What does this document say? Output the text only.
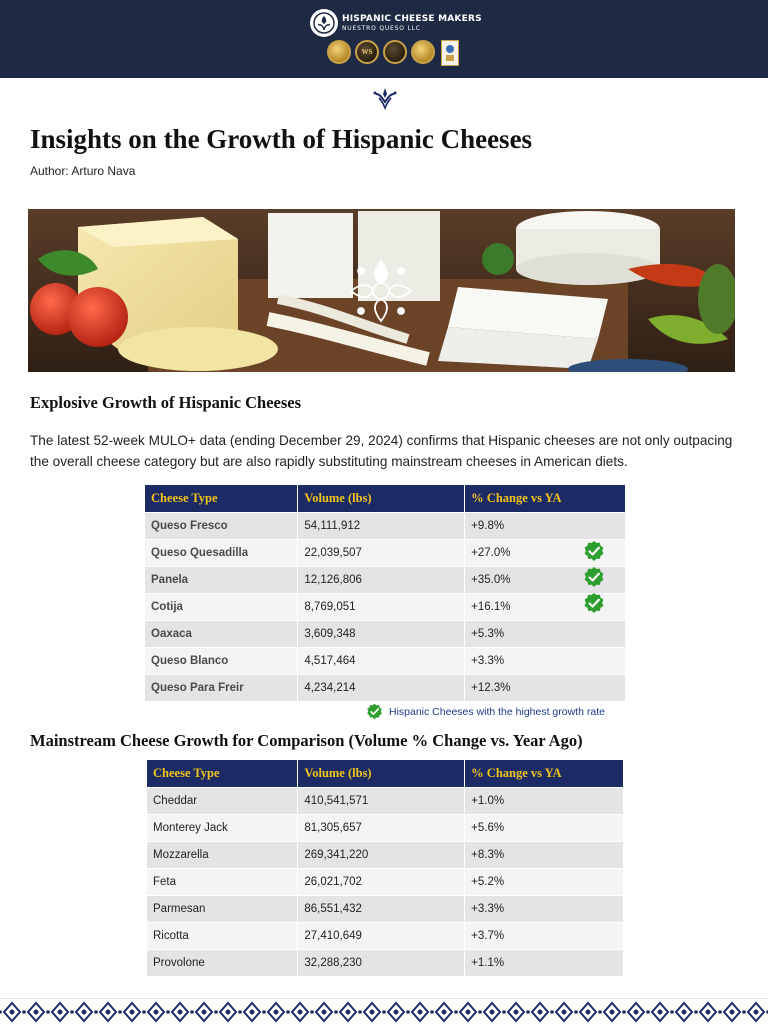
HISPANIC CHEESE MAKERS
NUESTRO QUESO LLC
WS
Insights on the Growth of Hispanic Cheeses
Author: Arturo Nava
Explosive Growth of Hispanic Cheeses

The latest 52-week MULO+ data (ending December 29, 2024) confirms that Hispanic cheeses are not only outpacing the overall cheese category but are also rapidly substituting mainstream cheeses in American diets.

Cheese Type	Volume (lbs)	% Change vs YA
Queso Fresco	54,111,912	+9.8%
Queso Quesadilla	22,039,507	+27.0%
Panela	12,126,806	+35.0%
Cotija	8,769,051	+16.1%
Oaxaca	3,609,348	+5.3%
Queso Blanco	4,517,464	+3.3%
Queso Para Freir	4,234,214	+12.3%
Hispanic Cheeses with the highest growth rate
Mainstream Cheese Growth for Comparison (Volume % Change vs. Year Ago)
Cheese Type	Volume (lbs)	% Change vs YA
Cheddar	410,541,571	+1.0%
Monterey Jack	81,305,657	+5.6%
Mozzarella	269,341,220	+8.3%
Feta	26,021,702	+5.2%
Parmesan	86,551,432	+3.3%
Ricotta	27,410,649	+3.7%
Provolone	32,288,230	+1.1%
